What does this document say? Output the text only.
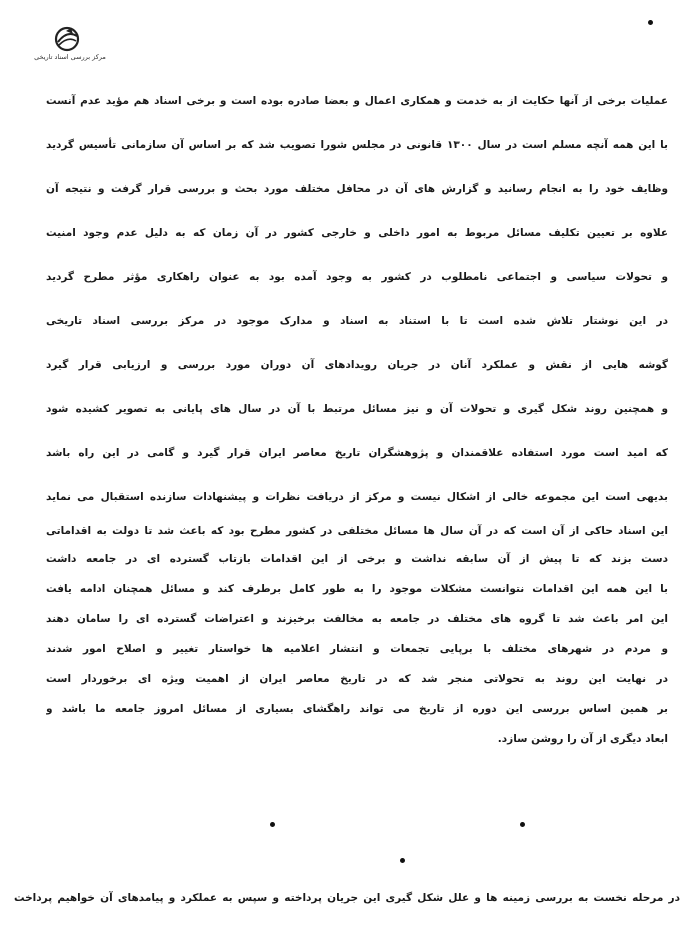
مرکز بررسی اسناد تاریخی
عملیات برخی از آنها حکایت از به خدمت و همکاری اعمال و بعضا صادره بوده است و برخی اسناد هم مؤید عدم آنست
با این همه آنچه مسلم است در سال ۱۳۰۰ قانونی در مجلس شورا تصویب شد که بر اساس آن سازمانی تأسیس گردید
وظایف خود را به انجام رسانید و گزارش های آن در محافل مختلف مورد بحث و بررسی قرار گرفت و نتیجه آن
علاوه بر تعیین تکلیف مسائل مربوط به امور داخلی و خارجی کشور در آن زمان که به دلیل عدم وجود امنیت
و تحولات سیاسی و اجتماعی نامطلوب در کشور به وجود آمده بود به عنوان راهکاری مؤثر مطرح گردید
در این نوشتار تلاش شده است تا با استناد به اسناد و مدارک موجود در مرکز بررسی اسناد تاریخی
گوشه هایی از نقش و عملکرد آنان در جریان رویدادهای آن دوران مورد بررسی و ارزیابی قرار گیرد
و همچنین روند شکل گیری و تحولات آن و نیز مسائل مرتبط با آن در سال های پایانی به تصویر کشیده شود
که امید است مورد استفاده علاقمندان و پژوهشگران تاریخ معاصر ایران قرار گیرد و گامی در این راه باشد
بدیهی است این مجموعه خالی از اشکال نیست و مرکز از دریافت نظرات و پیشنهادات سازنده استقبال می نماید
این اسناد حاکی از آن است که در آن سال ها مسائل مختلفی در کشور مطرح بود که باعث شد تا دولت به اقداماتی
دست بزند که تا پیش از آن سابقه نداشت و برخی از این اقدامات بازتاب گسترده ای در جامعه داشت
با این همه این اقدامات نتوانست مشکلات موجود را به طور کامل برطرف کند و مسائل همچنان ادامه یافت
این امر باعث شد تا گروه های مختلف در جامعه به مخالفت برخیزند و اعتراضات گسترده ای را سامان دهند
و مردم در شهرهای مختلف با برپایی تجمعات و انتشار اعلامیه ها خواستار تغییر و اصلاح امور شدند
در نهایت این روند به تحولاتی منجر شد که در تاریخ معاصر ایران از اهمیت ویژه ای برخوردار است
بر همین اساس بررسی این دوره از تاریخ می تواند راهگشای بسیاری از مسائل امروز جامعه ما باشد و
ابعاد دیگری از آن را روشن سازد.
در مرحله نخست به بررسی زمینه ها و علل شکل گیری این جریان پرداخته و سپس به عملکرد و پیامدهای آن خواهیم پرداخت
